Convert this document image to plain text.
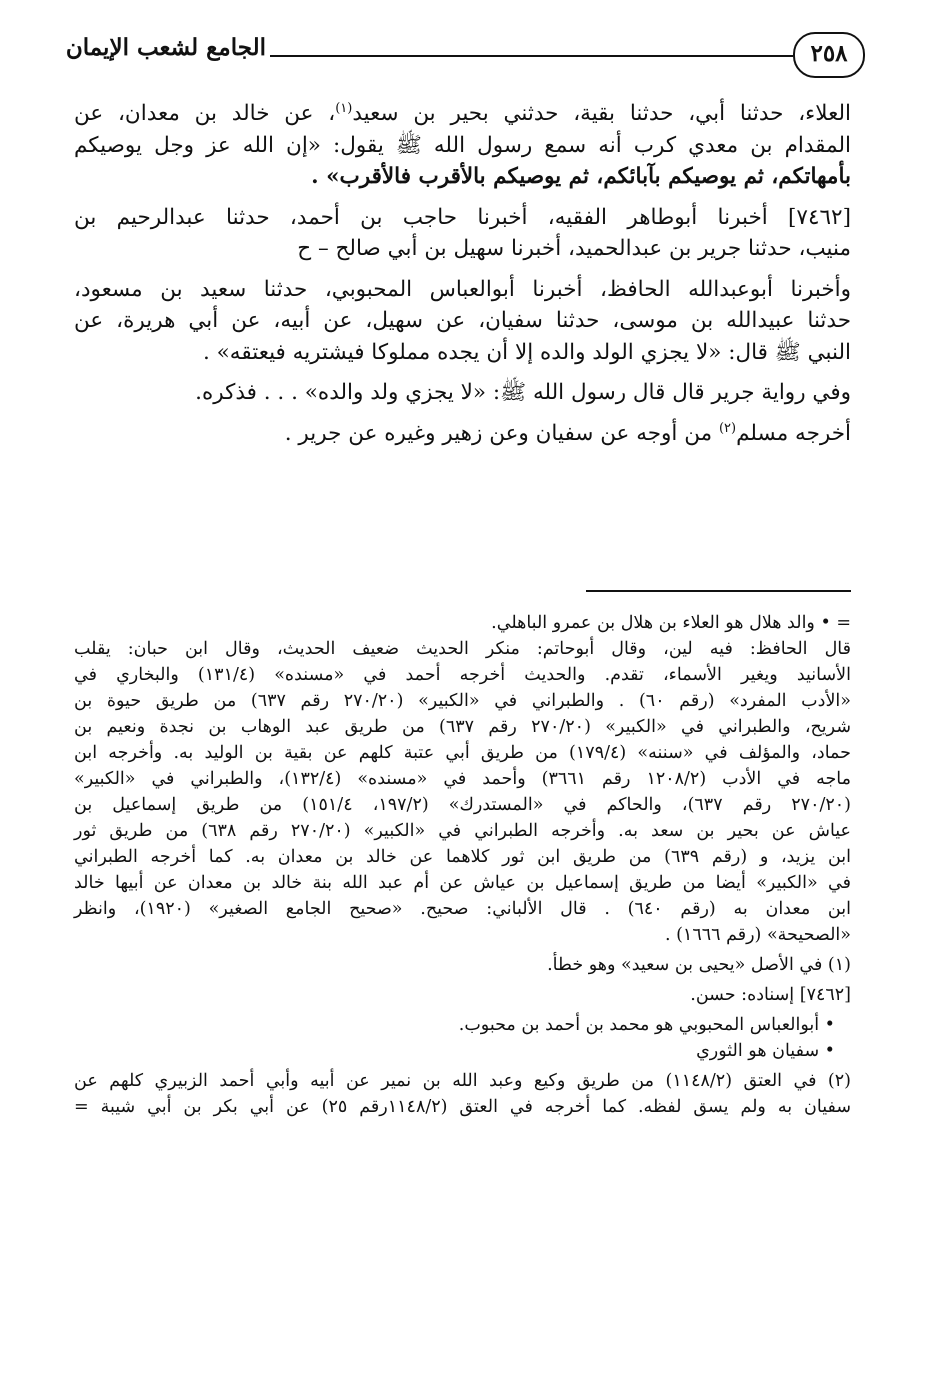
٢٥٨
الجامع لشعب الإيمان
العلاء، حدثنا أبي، حدثنا بقية، حدثني بحير بن سعيد$^{(١)}$، عن خالد بن معدان، عن
المقدام بن معدي كرب أنه سمع رسول الله ﷺ يقول: «إن الله عز وجل يوصيكم
بأمهاتكم، ثم يوصيكم بآبائكم، ثم يوصيكم بالأقرب فالأقرب» .
[٧٤٦٢] أخبرنا أبوطاهر الفقيه، أخبرنا حاجب بن أحمد، حدثنا عبدالرحيم بن
منيب، حدثنا جرير بن عبدالحميد، أخبرنا سهيل بن أبي صالح – ح
وأخبرنا أبوعبدالله الحافظ، أخبرنا أبوالعباس المحبوبي، حدثنا سعيد بن مسعود،
حدثنا عبيدالله بن موسى، حدثنا سفيان، عن سهيل، عن أبيه، عن أبي هريرة، عن
النبي ﷺ قال: «لا يجزي الولد والده إلا أن يجده مملوكا فيشتريه فيعتقه» .
وفي رواية جرير قال قال رسول الله ﷺ: «لا يجزي ولد والده» . . . فذكره.
أخرجه مسلم$^{(٢)}$ من أوجه عن سفيان وعن زهير وغيره عن جرير .
= • والد هلال هو العلاء بن هلال بن عمرو الباهلي.
قال الحافظ: فيه لين، وقال أبوحاتم: منكر الحديث ضعيف الحديث، وقال ابن حبان: يقلب
الأسانيد ويغير الأسماء، تقدم. والحديث أخرجه أحمد في «مسنده» (١٣١/٤) والبخاري في
«الأدب المفرد» (رقم ٦٠) . والطبراني في «الكبير» (٢٧٠/٢٠ رقم ٦٣٧) من طريق حيوة بن
شريح، والطبراني في «الكبير» (٢٧٠/٢٠ رقم ٦٣٧) من طريق عبد الوهاب بن نجدة ونعيم بن
حماد، والمؤلف في «سننه» (١٧٩/٤) من طريق أبي عتبة كلهم عن بقية بن الوليد به. وأخرجه ابن
ماجه في الأدب (١٢٠٨/٢ رقم ٣٦٦١) وأحمد في «مسنده» (١٣٢/٤)، والطبراني في «الكبير»
(٢٧٠/٢٠ رقم ٦٣٧)، والحاكم في «المستدرك» (١٩٧/٢، ١٥١/٤) من طريق إسماعيل بن
عياش عن بحير بن سعد به. وأخرجه الطبراني في «الكبير» (٢٧٠/٢٠ رقم ٦٣٨) من طريق ثور
ابن يزيد، و (رقم ٦٣٩) من طريق ابن ثور كلاهما عن خالد بن معدان به. كما أخرجه الطبراني
في «الكبير» أيضا من طريق إسماعيل بن عياش عن أم عبد الله بنة خالد بن معدان عن أبيها خالد
ابن معدان به (رقم ٦٤٠) . قال الألباني: صحيح. «صحيح الجامع الصغير» (١٩٢٠)، وانظر
«الصحيحة» (رقم ١٦٦٦) .
(١) في الأصل «يحيى بن سعيد» وهو خطأ.
[٧٤٦٢] إسناده: حسن.
• أبوالعباس المحبوبي هو محمد بن أحمد بن محبوب.
• سفيان هو الثوري
(٢) في العتق (١١٤٨/٢) من طريق وكيع وعبد الله بن نمير عن أبيه وأبي أحمد الزبيري كلهم عن
سفيان به ولم يسق لفظه. كما أخرجه في العتق (١١٤٨/٢رقم ٢٥) عن أبي بكر بن أبي شيبة =
